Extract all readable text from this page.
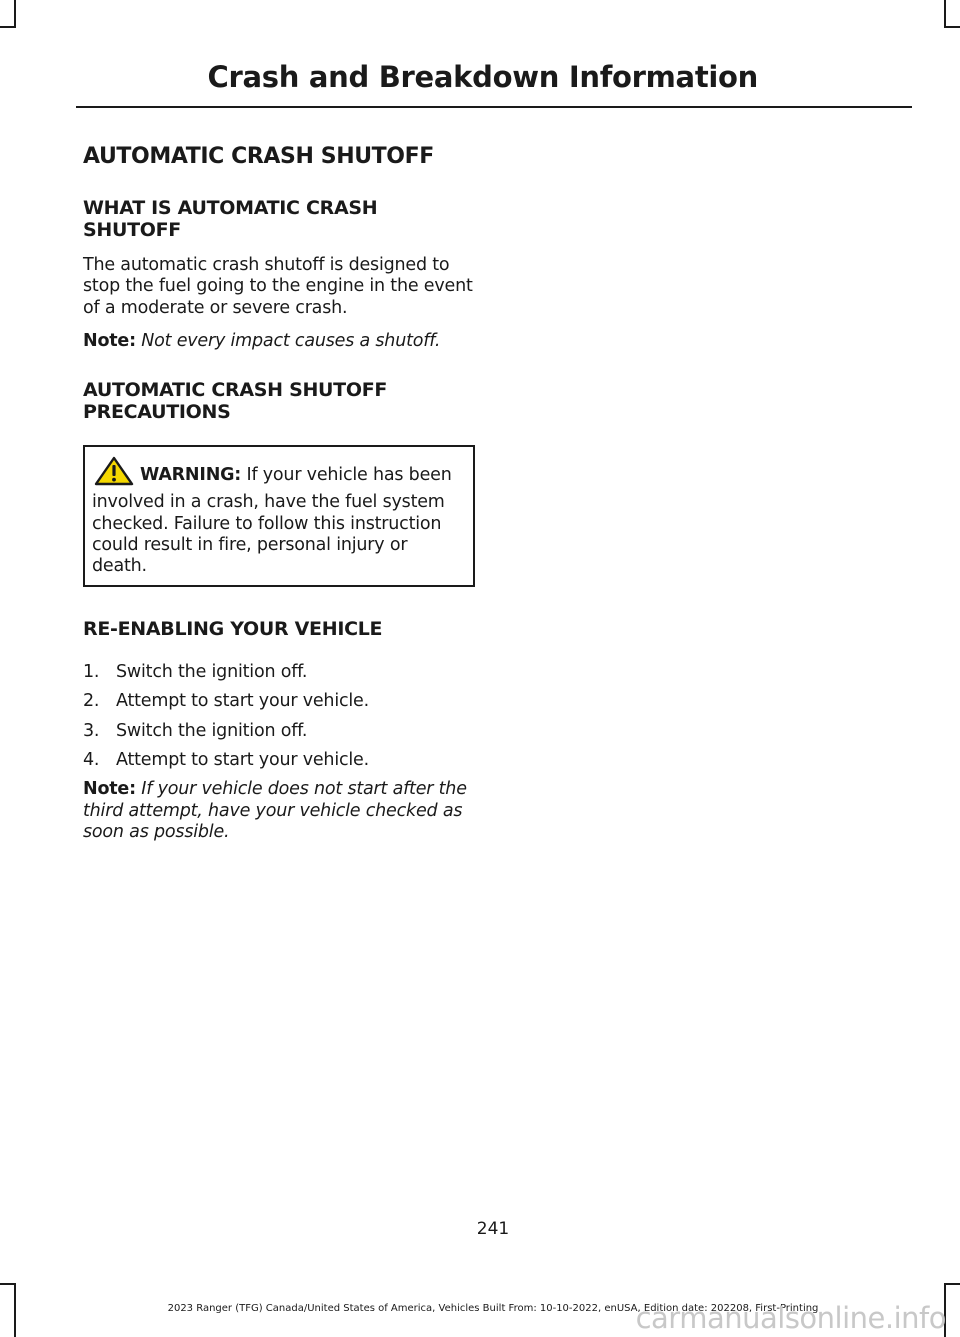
Crash and Breakdown Information
AUTOMATIC CRASH SHUTOFF
WHAT IS AUTOMATIC CRASH
SHUTOFF

The automatic crash shutoff is designed to stop the fuel going to the engine in the event of a moderate or severe crash.

Note: Not every impact causes a shutoff.

AUTOMATIC CRASH SHUTOFF
PRECAUTIONS
WARNING: If your vehicle has been involved in a crash, have the fuel system checked. Failure to follow this instruction could result in fire, personal injury or death.
RE-ENABLING YOUR VEHICLE
1. Switch the ignition off.
2. Attempt to start your vehicle.
3. Switch the ignition off.
4. Attempt to start your vehicle.

Note: If your vehicle does not start after the third attempt, have your vehicle checked as soon as possible.

241
2023 Ranger (TFG) Canada/United States of America, Vehicles Built From: 10-10-2022, enUSA, Edition date: 202208, First-Printing
carmanualsonline.info
